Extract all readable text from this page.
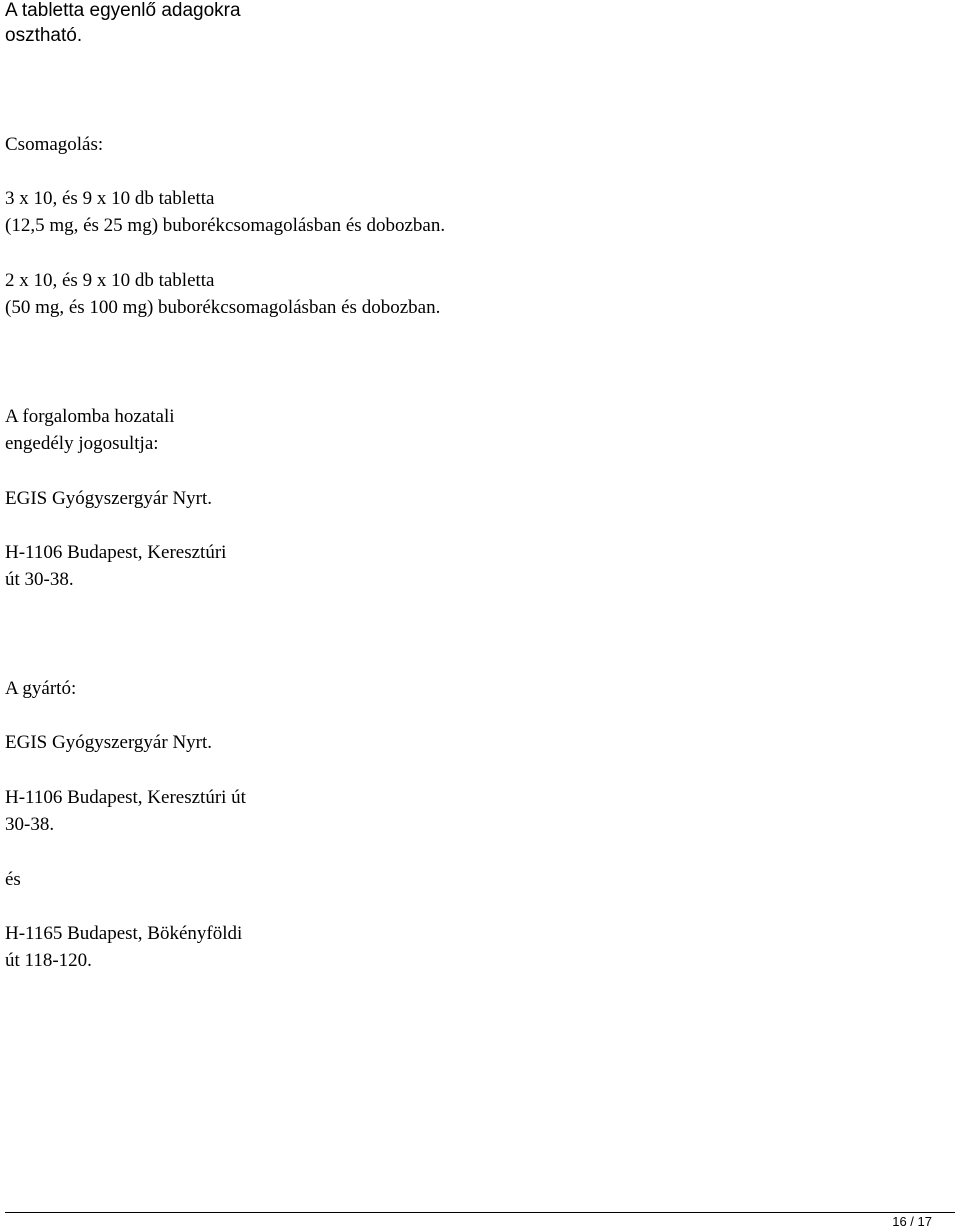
A tabletta egyenlő adagokra
osztható.
Csomagolás:
3 x 10, és 9 x 10 db tabletta
(12,5 mg, és 25 mg) buborékcsomagolásban és dobozban.
2 x 10, és 9 x 10 db tabletta
(50 mg, és 100 mg) buborékcsomagolásban és dobozban.
A forgalomba hozatali
engedély jogosultja:
EGIS Gyógyszergyár Nyrt.
H-1106 Budapest, Keresztúri
út 30-38.
A gyártó:
EGIS Gyógyszergyár Nyrt.
H-1106 Budapest, Keresztúri út
30-38.
és
H-1165 Budapest, Bökényföldi
út 118-120.
16 / 17
